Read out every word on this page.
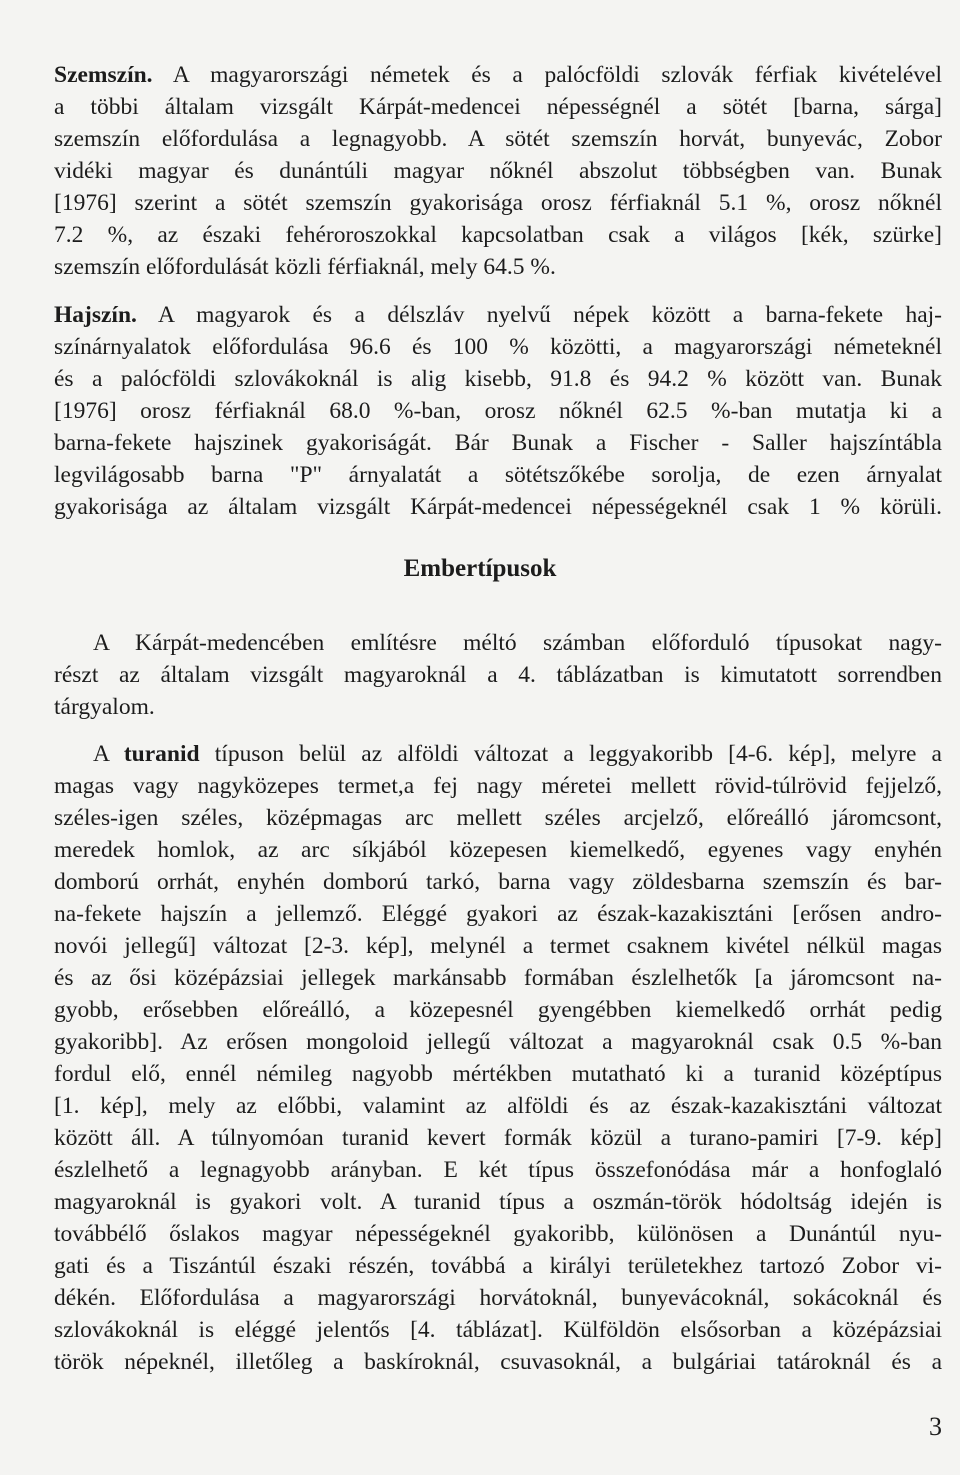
Szemszín. A magyarországi németek és a palócföldi szlovák férfiak kivételével
a többi általam vizsgált Kárpát-medencei népességnél a sötét [barna, sárga]
szemszín előfordulása a legnagyobb. A sötét szemszín horvát, bunyevác, Zobor
vidéki magyar és dunántúli magyar nőknél abszolut többségben van. Bunak
[1976] szerint a sötét szemszín gyakorisága orosz férfiaknál 5.1 %, orosz nőknél
7.2 %, az északi fehéroroszokkal kapcsolatban csak a világos [kék, szürke]
szemszín előfordulását közli férfiaknál, mely 64.5 %.
Hajszín. A magyarok és a délszláv nyelvű népek között a barna-fekete haj-
színárnyalatok előfordulása 96.6 és 100 % közötti, a magyarországi németeknél
és a palócföldi szlovákoknál is alig kisebb, 91.8 és 94.2 % között van. Bunak
[1976] orosz férfiaknál 68.0 %-ban, orosz nőknél 62.5 %-ban mutatja ki a
barna-fekete hajszinek gyakoriságát. Bár Bunak a Fischer - Saller hajszíntábla
legvilágosabb barna "P" árnyalatát a sötétszőkébe sorolja, de ezen árnyalat
gyakorisága az általam vizsgált Kárpát-medencei népességeknél csak 1 % körüli.
Embertípusok
A Kárpát-medencében említésre méltó számban előforduló típusokat nagy-
részt az általam vizsgált magyaroknál a 4. táblázatban is kimutatott sorrendben
tárgyalom.
A turanid típuson belül az alföldi változat a leggyakoribb [4-6. kép], melyre a
magas vagy nagyközepes termet,a fej nagy méretei mellett rövid-túlrövid fejjelző,
széles-igen széles, középmagas arc mellett széles arcjelző, előreálló járomcsont,
meredek homlok, az arc síkjából közepesen kiemelkedő, egyenes vagy enyhén
domború orrhát, enyhén domború tarkó, barna vagy zöldesbarna szemszín és bar-
na-fekete hajszín a jellemző. Eléggé gyakori az észak-kazakisztáni [erősen andro-
novói jellegű] változat [2-3. kép], melynél a termet csaknem kivétel nélkül magas
és az ősi középázsiai jellegek markánsabb formában észlelhetők [a járomcsont na-
gyobb, erősebben előreálló, a közepesnél gyengébben kiemelkedő orrhát pedig
gyakoribb]. Az erősen mongoloid jellegű változat a magyaroknál csak 0.5 %-ban
fordul elő, ennél némileg nagyobb mértékben mutatható ki a turanid középtípus
[1. kép], mely az előbbi, valamint az alföldi és az észak-kazakisztáni változat
között áll. A túlnyomóan turanid kevert formák közül a turano-pamiri [7-9. kép]
észlelhető a legnagyobb arányban. E két típus összefonódása már a honfoglaló
magyaroknál is gyakori volt. A turanid típus a oszmán-török hódoltság idején is
továbbélő őslakos magyar népességeknél gyakoribb, különösen a Dunántúl nyu-
gati és a Tiszántúl északi részén, továbbá a királyi területekhez tartozó Zobor vi-
dékén. Előfordulása a magyarországi horvátoknál, bunyevácoknál, sokácoknál és
szlovákoknál is eléggé jelentős [4. táblázat]. Külföldön elsősorban a középázsiai
török népeknél, illetőleg a baskíroknál, csuvasoknál, a bulgáriai tatároknál és a
3
